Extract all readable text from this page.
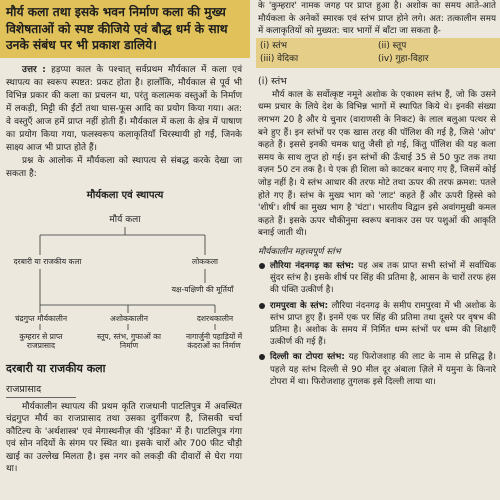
मौर्य कला तथा इसके भवन निर्माण कला की मुख्य विशेषताओं को स्पष्ट कीजिये एवं बौद्ध धर्म के साथ उनके संबंध पर भी प्रकाश डालिये।

उत्तर : हड़प्पा काल के पश्चात् सर्वप्रथम मौर्यकाल में कला एवं स्थापत्य का स्वरूप स्पष्टत: प्रकट होता है। हालाँकि, मौर्यकाल से पूर्व भी विभिन्न प्रकार की कला का प्रचलन था, परंतु कलात्मक वस्तुओं के निर्माण में लकड़ी, मिट्टी की ईंटों तथा घास-फूस आदि का प्रयोग किया गया। अत: वे वस्तुएँ आज हमें प्राप्त नहीं होती हैं। मौर्यकाल में कला के क्षेत्र में पाषाण का प्रयोग किया गया, फलस्वरूप कलाकृतियाँ चिरस्थायी हो गईं, जिनके साक्ष्य आज भी प्राप्त होते हैं।

प्रश्न के आलोक में मौर्यकला को स्थापत्य से संबद्ध करके देखा जा सकता है:

मौर्यकला एवं स्थापत्य
मौर्य कला
दरबारी या राजकीय कला	लोककला
यक्ष-यक्षिणी की मूर्तियाँ
चंद्रगुप्त मौर्यकालीन
कुम्हरार से प्राप्त राजप्रासाद
अशोककालीन
स्तूप, स्तंभ, गुफाओं का निर्माण
दशरथकालीन
नागार्जुनी पहाड़ियों में कंदराओं का निर्माण
दरबारी या राजकीय कला
राजप्रासाद

मौर्यकालीन स्थापत्य की प्रथम कृति राजधानी पाटलिपुत्र में अवस्थित चंद्रगुप्त मौर्य का राजप्रासाद तथा उसका दुर्गीकरण है, जिसकी चर्चा कौटिल्य के 'अर्थशास्त्र' एवं मेगास्थनीज़ की 'इंडिका' में है। पाटलिपुत्र गंगा एवं सोन नदियों के संगम पर स्थित था। इसके चारों ओर 700 फीट चौड़ी खाई का उल्लेख मिलता है। इस नगर को लकड़ी की दीवारों से घेरा गया था।

के 'कुम्हरार' नामक जगह पर प्राप्त हुआ है। अशोक का समय आते-आते मौर्यकला के अनेकों स्मारक एवं स्तंभ प्राप्त होने लगे। अत: तत्कालीन समय में कलाकृतियों को मुख्यत: चार भागों में बाँटा जा सकता है-

(i) स्तंभ	(ii) स्तूप
(iii) वेदिका	(iv) गुहा-विहार
(i) स्तंभ

मौर्य काल के सर्वोत्कृष्ट नमूने अशोक के एकाश्म स्तंभ हैं, जो कि उसने धम्म प्रचार के लिये देश के विभिन्न भागों में स्थापित किये थे। इनकी संख्या लगभग 20 है और ये चुनार (वाराणसी के निकट) के लाल बलुआ पत्थर से बने हुए हैं। इन स्तंभों पर एक खास तरह की पॉलिश की गई है, जिसे 'ओप' कहते हैं। इससे इनकी चमक धातु जैसी हो गई, किंतु पॉलिश की यह कला समय के साथ लुप्त हो गई। इन स्तंभों की ऊँचाई 35 से 50 फुट तक तथा वज़न 50 टन तक है। ये एक ही शिला को काटकर बनाए गए हैं, जिसमें कोई जोड़ नहीं है। ये स्तंभ आधार की तरफ मोटे तथा ऊपर की तरफ क्रमश: पतले होते गए हैं। स्तंभ के मुख्य भाग को 'लाट' कहते हैं और ऊपरी हिस्से को 'शीर्ष'। शीर्ष का मुख्य भाग है 'घंटा'। भारतीय विद्वान इसे अवांगमुखी कमल कहते हैं। इसके ऊपर चौकीनुमा स्वरूप बनाकर उस पर पशुओं की आकृति बनाई जाती थी।

मौर्यकालीन महत्त्वपूर्ण स्तंभ
लौरिया नंदनगढ़ का स्तंभ: यह अब तक प्राप्त सभी स्तंभों में सर्वाधिक सुंदर स्तंभ है। इसके शीर्ष पर सिंह की प्रतिमा है, आसन के चारों तरफ हंस की पंक्ति उत्कीर्ण है।
रामपुरवा के स्तंभ: लौरिया नंदनगढ़ के समीप रामपुरवा में भी अशोक के स्तंभ प्राप्त हुए हैं। इनमें एक पर सिंह की प्रतिमा तथा दूसरे पर वृषभ की प्रतिमा है। अशोक के समय में निर्मित धम्म स्तंभों पर धम्म की शिक्षाएँ उत्कीर्ण की गई हैं।
दिल्ली का टोपरा स्तंभ: यह फिरोजशाह की लाट के नाम से प्रसिद्ध है। पहले यह स्तंभ दिल्ली से 90 मील दूर अंबाला ज़िले में यमुना के किनारे टोपरा में था। फिरोजशाह तुगलक इसे दिल्ली लाया था।
